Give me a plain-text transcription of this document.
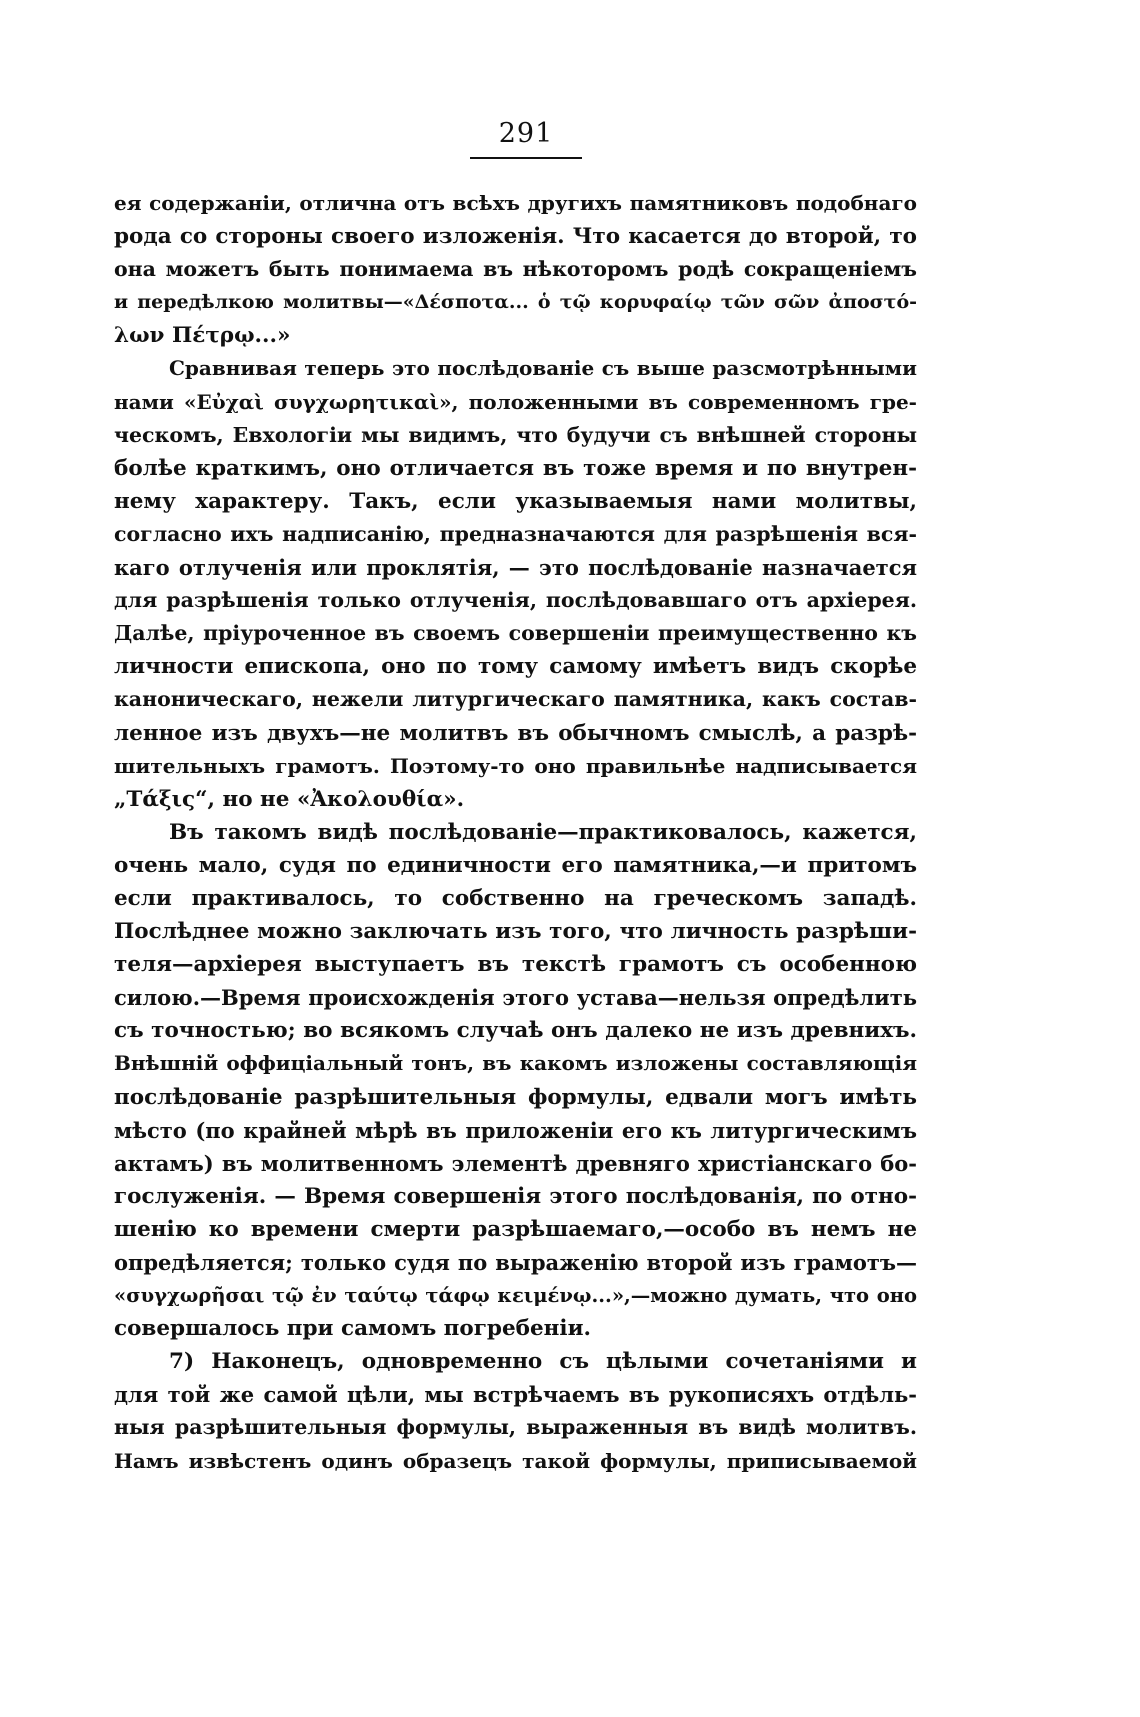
291
ея содержаніи, отлична отъ всѣхъ другихъ памятниковъ подобнаго
рода со стороны своего изложенія. Что касается до второй, то
она можетъ быть понимаема въ нѣкоторомъ родѣ сокращеніемъ
и передѣлкою молитвы—«Δέσποτα... ὁ τῷ κορυφαίῳ τῶν σῶν ἀποστό-
λων Πέτρῳ...»
Сравнивая теперь это послѣдованіе съ выше разсмотрѣнными
нами «Εὐχαὶ συγχωρητικαὶ», положенными въ современномъ гре-
ческомъ, Евхологіи мы видимъ, что будучи съ внѣшней стороны
болѣе краткимъ, оно отличается въ тоже время и по внутрен-
нему характеру. Такъ, если указываемыя нами молитвы,
согласно ихъ надписанію, предназначаются для разрѣшенія вся-
каго отлученія или проклятія, — это послѣдованіе назначается
для разрѣшенія только отлученія, послѣдовавшаго отъ архіерея.
Далѣе, пріуроченное въ своемъ совершеніи преимущественно къ
личности епископа, оно по тому самому имѣетъ видъ скорѣе
каноническаго, нежели литургическаго памятника, какъ состав-
ленное изъ двухъ—не молитвъ въ обычномъ смыслѣ, а разрѣ-
шительныхъ грамотъ. Поэтому-то оно правильнѣе надписывается
„Τάξις“, но не «Ἀκολουθία».
Въ такомъ видѣ послѣдованіе—практиковалось, кажется,
очень мало, судя по единичности его памятника,—и притомъ
если практивалось, то собственно на греческомъ западѣ.
Послѣднее можно заключать изъ того, что личность разрѣши-
теля—архіерея выступаетъ въ текстѣ грамотъ съ особенною
силою.—Время происхожденія этого устава—нельзя опредѣлить
съ точностью; во всякомъ случаѣ онъ далеко не изъ древнихъ.
Внѣшній оффиціальный тонъ, въ какомъ изложены составляющія
послѣдованіе разрѣшительныя формулы, едвали могъ имѣть
мѣсто (по крайней мѣрѣ въ приложеніи его къ литургическимъ
актамъ) въ молитвенномъ элементѣ древняго христіанскаго бо-
гослуженія. — Время совершенія этого послѣдованія, по отно-
шенію ко времени смерти разрѣшаемаго,—особо въ немъ не
опредѣляется; только судя по выраженію второй изъ грамотъ—
«συγχωρῆσαι τῷ ἐν ταύτῳ τάφῳ κειμένῳ...»,—можно думать, что оно
совершалось при самомъ погребеніи.
7) Наконецъ, одновременно съ цѣлыми сочетаніями и
для той же самой цѣли, мы встрѣчаемъ въ рукописяхъ отдѣль-
ныя разрѣшительныя формулы, выраженныя въ видѣ молитвъ.
Намъ извѣстенъ одинъ образецъ такой формулы, приписываемой
